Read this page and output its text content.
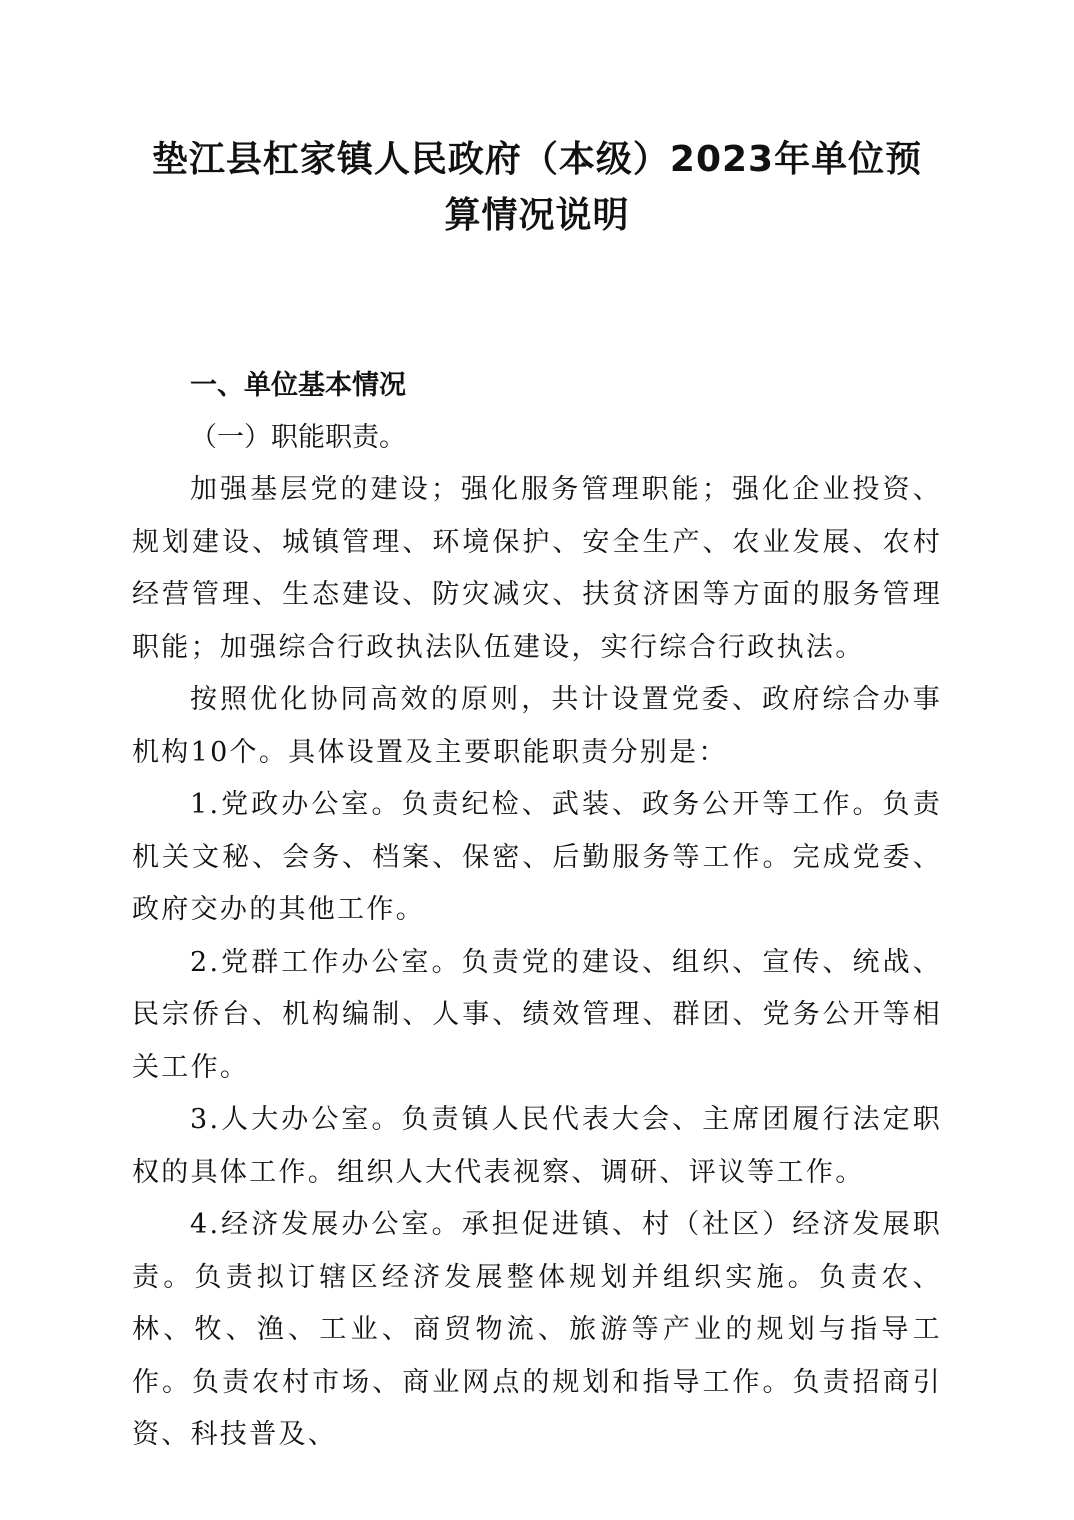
垫江县杠家镇人民政府（本级）2023年单位预
算情况说明
一、单位基本情况
（一）职能职责。

加强基层党的建设；强化服务管理职能；强化企业投资、规划建设、城镇管理、环境保护、安全生产、农业发展、农村经营管理、生态建设、防灾减灾、扶贫济困等方面的服务管理职能；加强综合行政执法队伍建设，实行综合行政执法。

按照优化协同高效的原则，共计设置党委、政府综合办事机构10个。具体设置及主要职能职责分别是：

1.党政办公室。负责纪检、武装、政务公开等工作。负责机关文秘、会务、档案、保密、后勤服务等工作。完成党委、政府交办的其他工作。

2.党群工作办公室。负责党的建设、组织、宣传、统战、民宗侨台、机构编制、人事、绩效管理、群团、党务公开等相关工作。

3.人大办公室。负责镇人民代表大会、主席团履行法定职权的具体工作。组织人大代表视察、调研、评议等工作。

4.经济发展办公室。承担促进镇、村（社区）经济发展职责。负责拟订辖区经济发展整体规划并组织实施。负责农、林、牧、渔、工业、商贸物流、旅游等产业的规划与指导工作。负责农村市场、商业网点的规划和指导工作。负责招商引资、科技普及、
